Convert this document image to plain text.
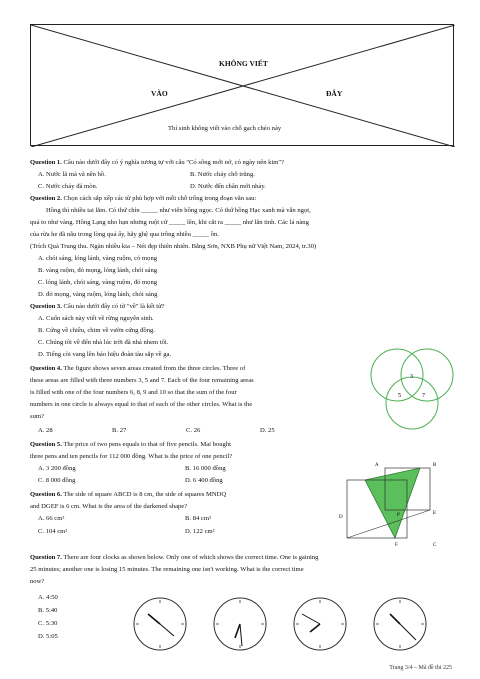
KHÔNG VIẾT
VÀO	ĐÂY
Thí sinh không viết vào chỗ gạch chéo này
Question 1. Câu nào dưới đây có ý nghĩa tương tự với câu "Có sông mới nở, có ngày nên kim"?
A. Nước lã mà vã nên hồ.	B. Nước chảy chỗ trũng.
C. Nước chảy đá mòn.	D. Nước đến chân mới nhảy.
Question 2. Chọn cách sắp xếp các từ phù hợp với mỗi chỗ trống trong đoạn văn sau:
Hồng thì nhiều tai lắm. Có thứ chín _____ như viên hồng ngọc. Có thứ hồng Hạc xanh mà vẫn ngọt,
quả to như vàng. Hồng Lạng nho hạn nhưng ruột cứ _____ lên, khi cắt ra _____ như lăn tinh. Các lá nàng
của rừa he đã nẫu trong lòng quả ấy, hãy ghệ qua trông nhiều _____ ồn.
(Trích Quà Trung thu. Ngàn nhiều kia – Nét đẹp thiên nhiên. Bằng Sơn, NXB Phụ nữ Việt Nam, 2024, tr.30)
A. chói sáng, lóng lánh, vàng ruộm, cỏ mọng
B. vàng ruộm, đỏ mọng, lóng lánh, chói sáng
C. lóng lánh, chói sáng, vàng ruộm, đỏ mọng
D. đỏ mọng, vàng ruộm, lóng lánh, chói sáng
Question 3. Câu nào dưới đây có từ "về" là kết từ?
A. Cuốn sách này viết về rừng nguyên sinh.
B. Cứng về chiều, chim về vườn cứng đồng.
C. Chúng tôi về đến nhà lúc trời đã nhá nhem tối.
D. Tiếng còi vang lên báo hiệu đoàn tàu sắp về ga.
Question 4. The figure shows seven areas created from the three circles. Three of
these areas are filled with three numbers 3, 5 and 7. Each of the four remaining areas
is filled with one of the four numbers 6, 8, 9 and 10 so that the sum of the four
numbers in one circle is always equal to that of each of the other circles. What is the
sum?
A. 28	B. 27	C. 26	D. 25
3
5	7
Question 5. The price of two pens equals to that of five pencils. Mai bought
three pens and ten pencils for 112 000 đồng. What is the price of one pencil?
A. 3 200 đồng	B. 16 000 đồng
C. 8 000 đồng	D. 6 400 đồng
Question 6. The side of square ABCD is 8 cm, the side of squares MNDQ
and DGEF is 6 cm. What is the area of the darkened shape?
A. 66 cm²	B. 84 cm²
C. 104 cm²	D. 122 cm²
A	B
C
D
E
F
P
Question 7. There are four clocks as shown below. Only one of which shows the correct time. One is gaining
25 minutes; another one is losing 15 minutes. The remaining one isn't working. What is the correct time
now?
A. 4:50
B. 5:40
C. 5:30
D. 5:05
Trang 3/4 – Mã đề thi 225
